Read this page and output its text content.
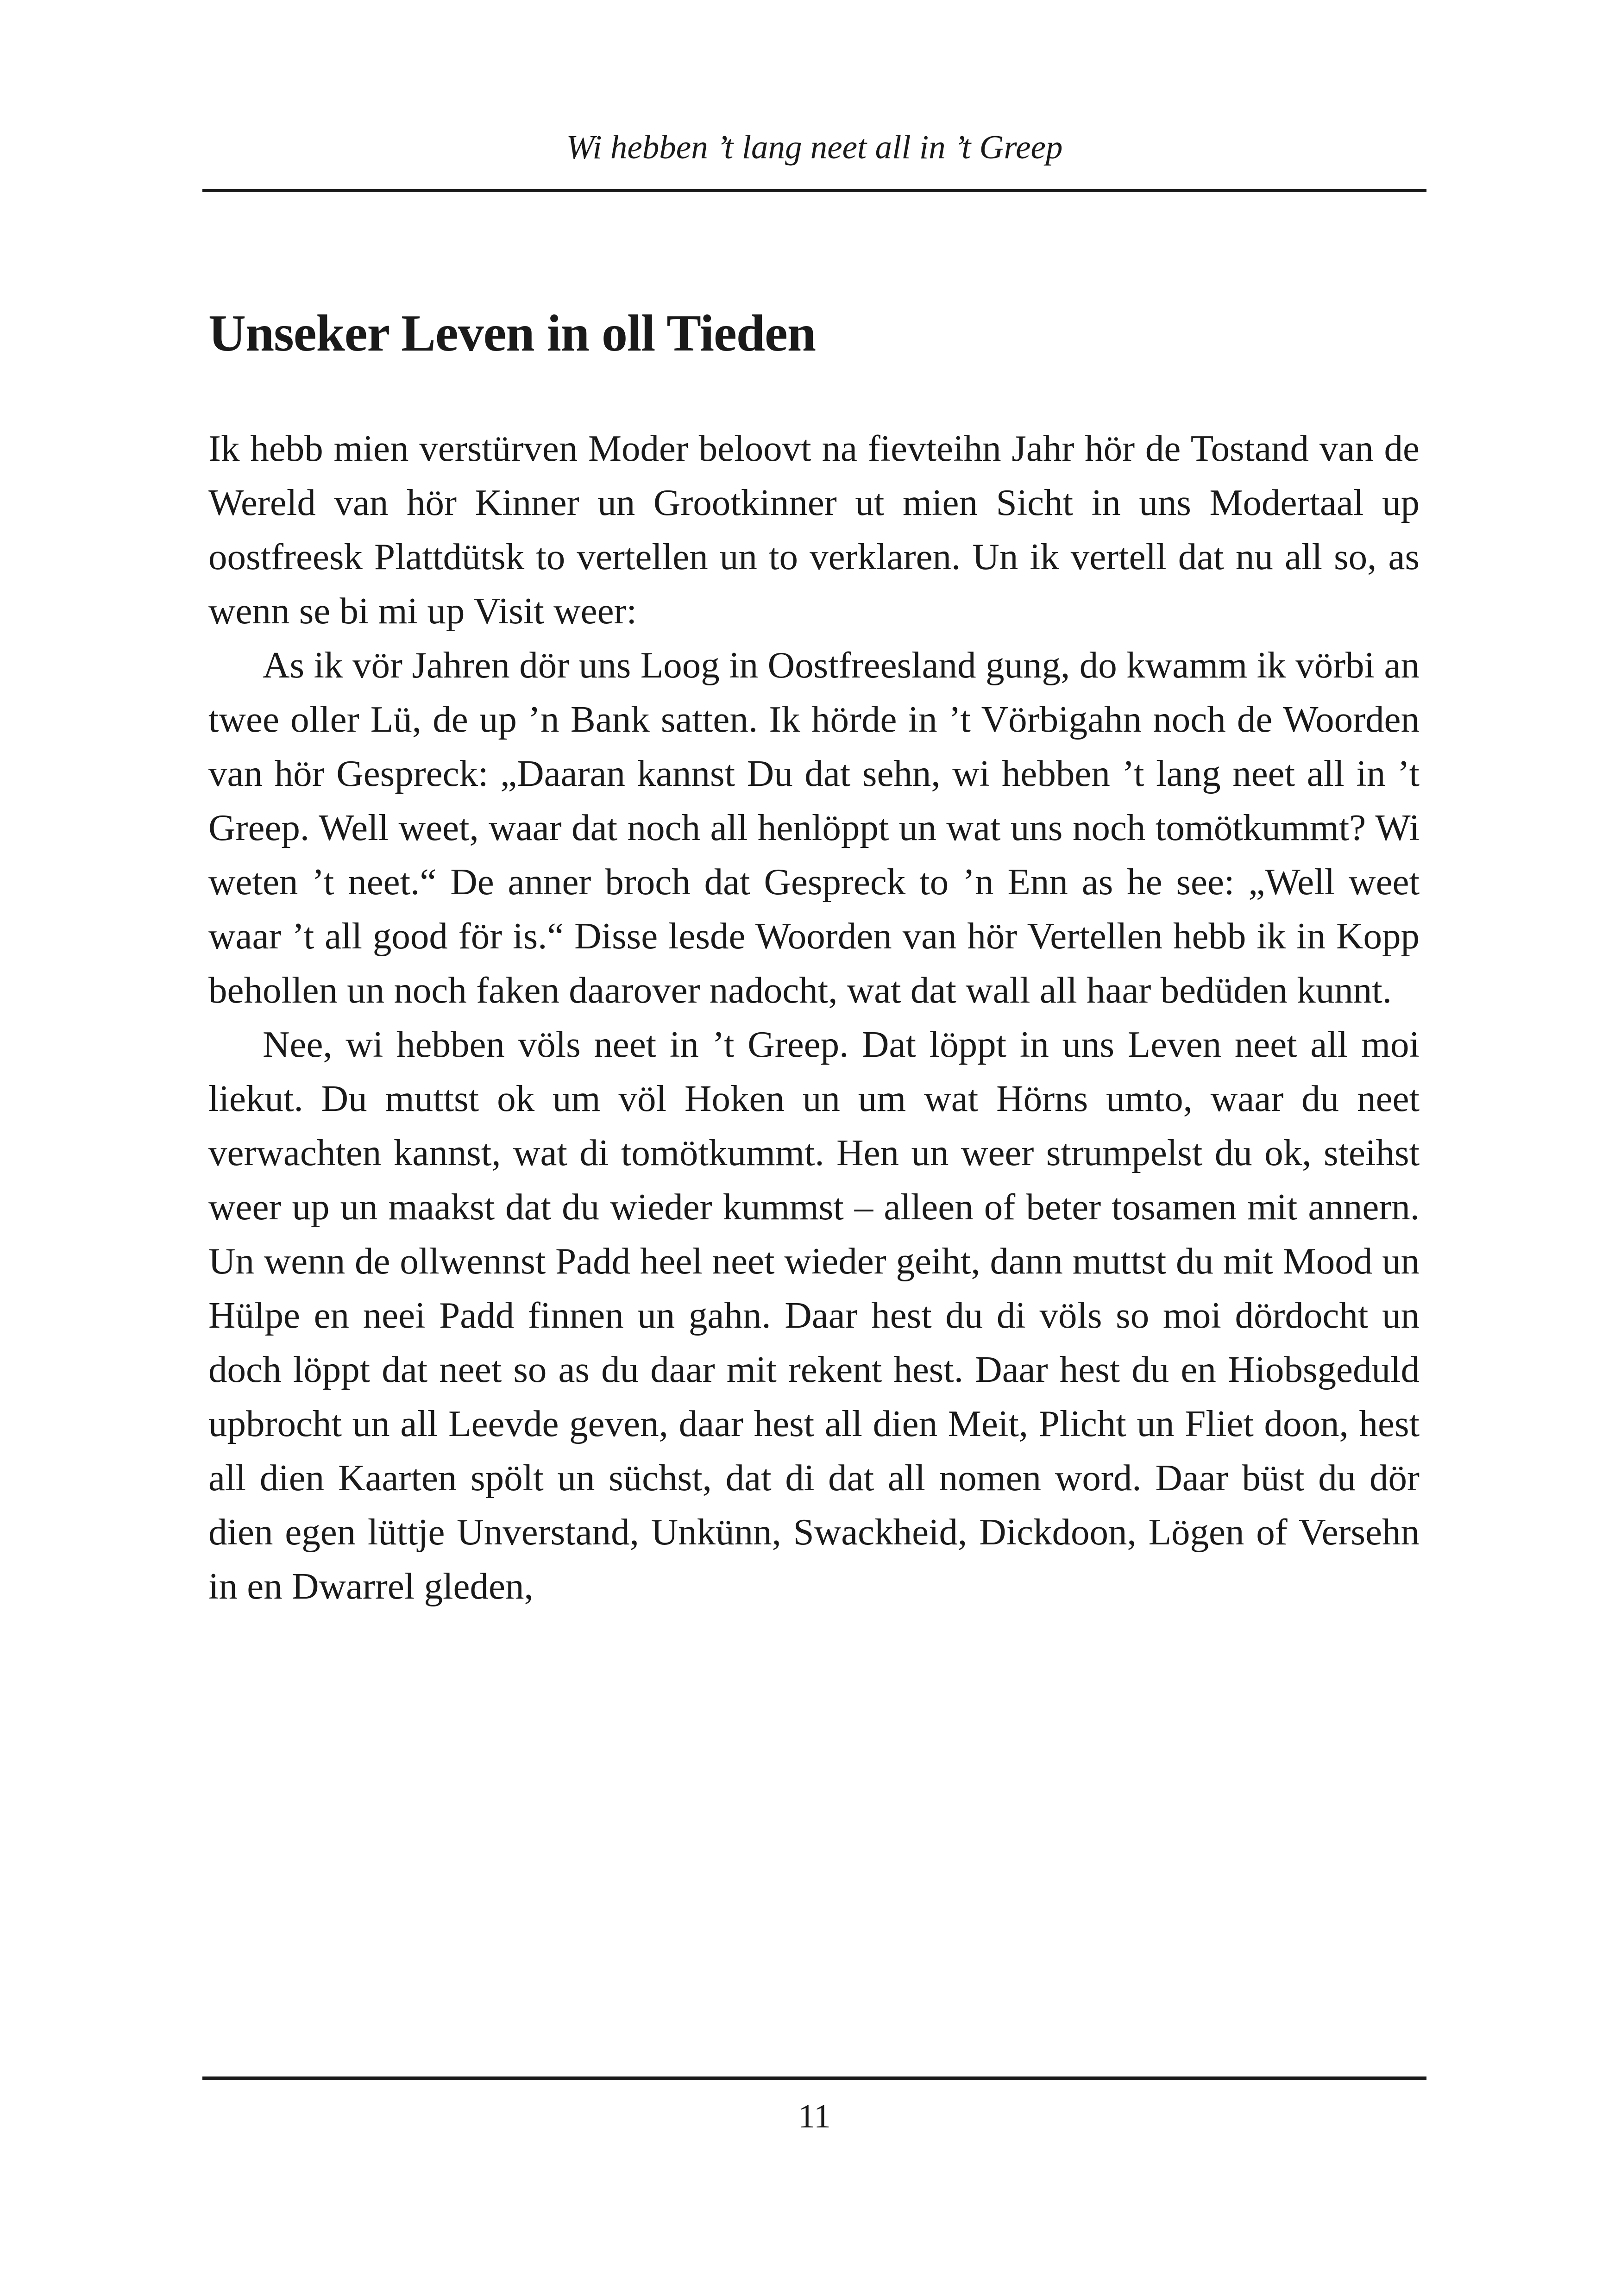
Wi hebben ’t lang neet all in ’t Greep
Unseker Leven in oll Tieden

Ik hebb mien verstürven Moder beloovt na fievteihn Jahr hör de Tostand van de Wereld van hör Kinner un Grootkinner ut mien Sicht in uns Modertaal up oostfreesk Plattdütsk to vertellen un to verklaren. Un ik vertell dat nu all so, as wenn se bi mi up Visit weer:

As ik vör Jahren dör uns Loog in Oostfreesland gung, do kwamm ik vörbi an twee oller Lü, de up ’n Bank satten. Ik hörde in ’t Vörbigahn noch de Woorden van hör Gespreck: „Daaran kannst Du dat sehn, wi hebben ’t lang neet all in ’t Greep. Well weet, waar dat noch all henlöppt un wat uns noch tomötkummt? Wi weten ’t neet.“ De anner broch dat Gespreck to ’n Enn as he see: „Well weet waar ’t all good för is.“ Disse lesde Woorden van hör Vertellen hebb ik in Kopp behollen un noch faken daarover nadocht, wat dat wall all haar bedüden kunnt.

Nee, wi hebben völs neet in ’t Greep. Dat löppt in uns Leven neet all moi liekut. Du muttst ok um völ Hoken un um wat Hörns umto, waar du neet verwachten kannst, wat di tomötkummt. Hen un weer strumpelst du ok, steihst weer up un maakst dat du wieder kummst – alleen of beter tosamen mit annern. Un wenn de ollwennst Padd heel neet wieder geiht, dann muttst du mit Mood un Hülpe en neei Padd finnen un gahn. Daar hest du di völs so moi dördocht un doch löppt dat neet so as du daar mit rekent hest. Daar hest du en Hiobsgeduld upbrocht un all Leevde geven, daar hest all dien Meit, Plicht un Fliet doon, hest all dien Kaarten spölt un süchst, dat di dat all nomen word. Daar büst du dör dien egen lüttje Unverstand, Unkünn, Swackheid, Dickdoon, Lögen of Versehn in en Dwarrel gleden,

11
